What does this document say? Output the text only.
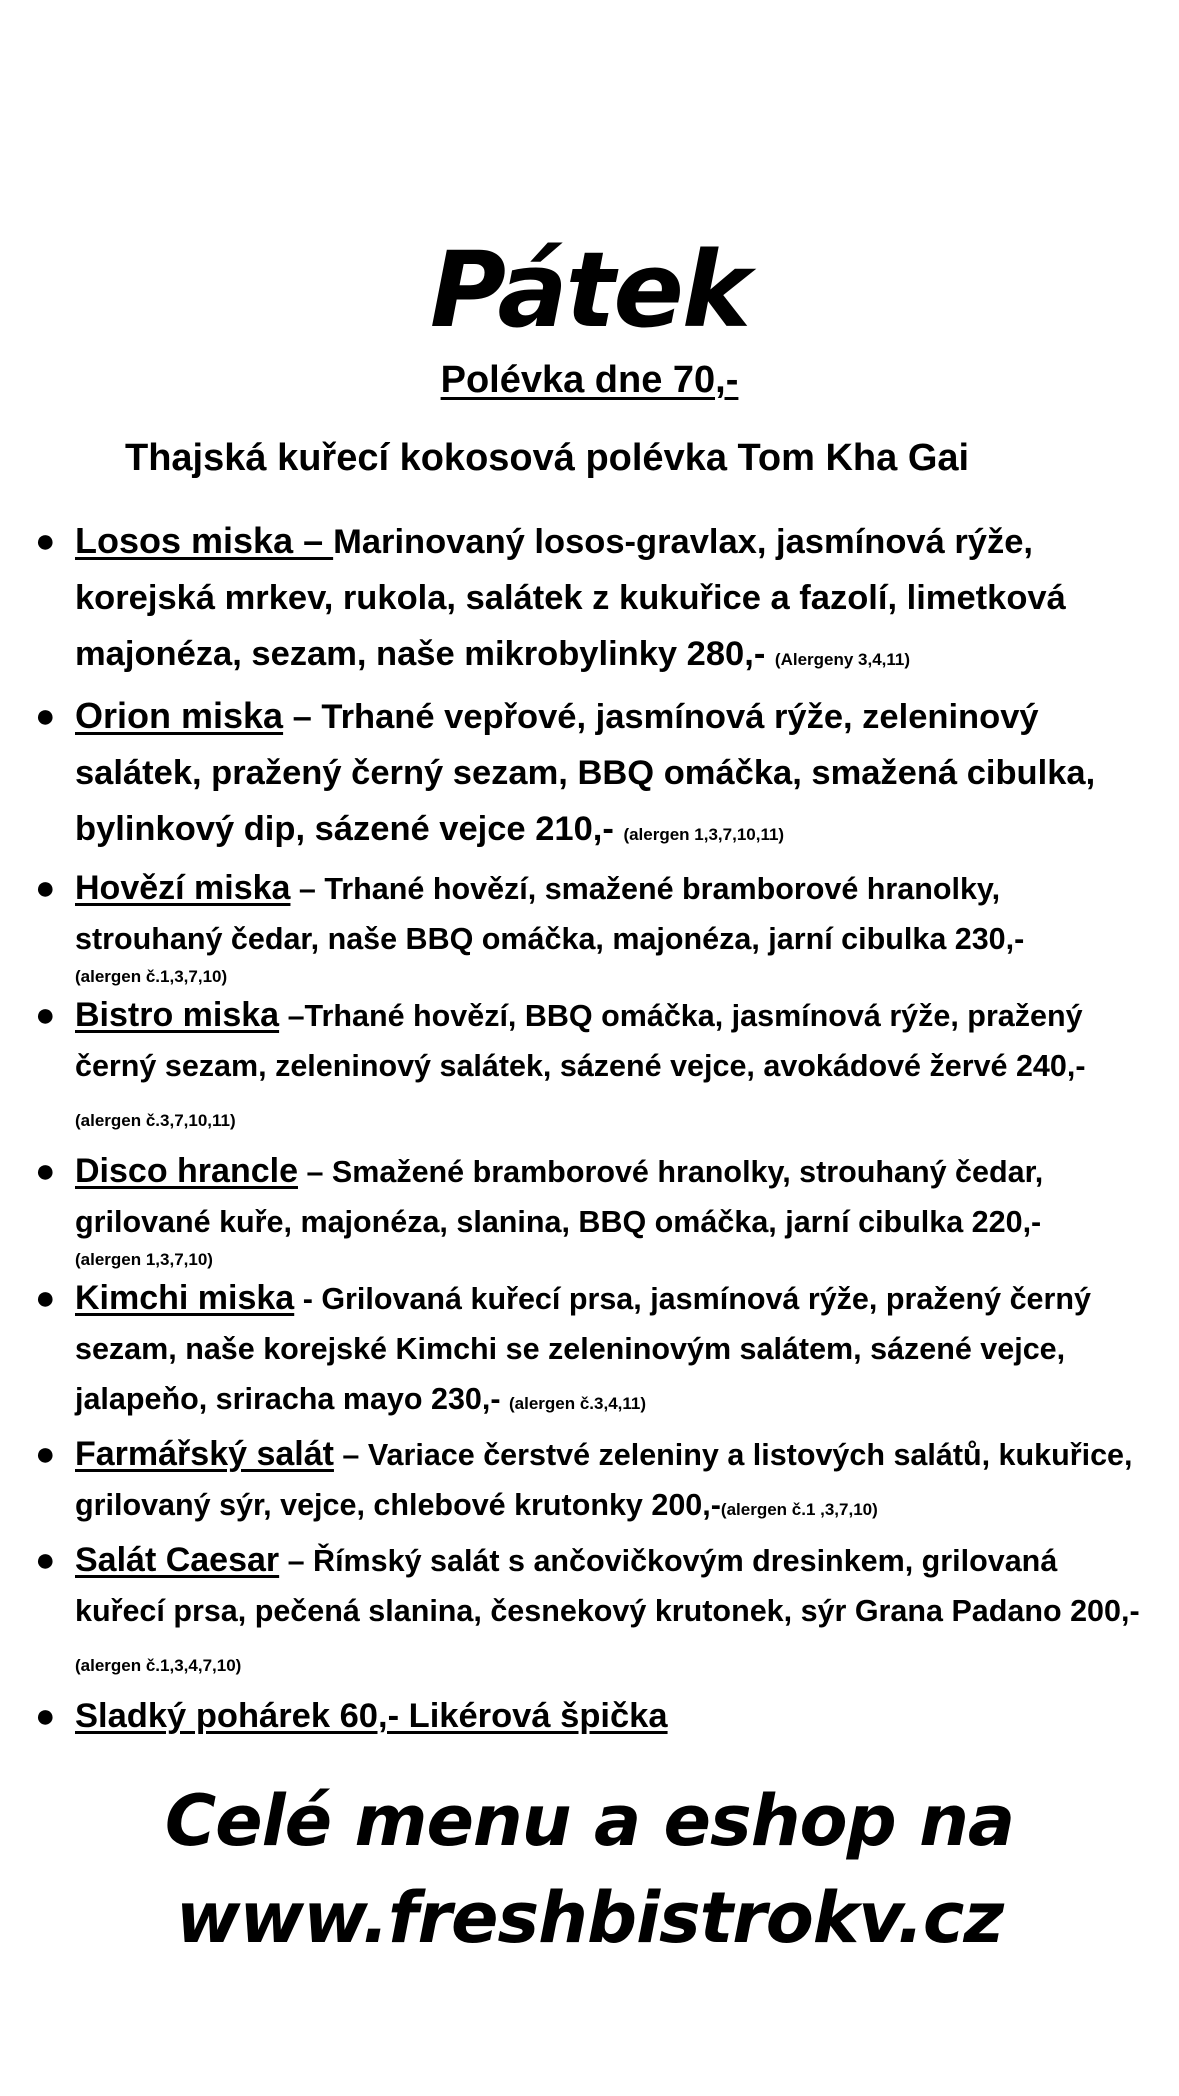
Pátek
Polévka dne 70,-
Thajská kuřecí kokosová polévka Tom Kha Gai
● Losos miska – Marinovaný losos-gravlax, jasmínová rýže, korejská mrkev, rukola, salátek z kukuřice a fazolí, limetková majonéza, sezam, naše mikrobylinky 280,- (Alergeny 3,4,11)
● Orion miska – Trhané vepřové, jasmínová rýže, zeleninový salátek, pražený černý sezam, BBQ omáčka, smažená cibulka, bylinkový dip, sázené vejce 210,- (alergen 1,3,7,10,11)
● Hovězí miska – Trhané hovězí, smažené bramborové hranolky, strouhaný čedar, naše BBQ omáčka, majonéza, jarní cibulka 230,-
(alergen č.1,3,7,10)
● Bistro miska –Trhané hovězí, BBQ omáčka, jasmínová rýže, pražený černý sezam, zeleninový salátek, sázené vejce, avokádové žervé 240,- (alergen č.3,7,10,11)
● Disco hrancle – Smažené bramborové hranolky, strouhaný čedar, grilované kuře, majonéza, slanina, BBQ omáčka, jarní cibulka 220,-
(alergen 1,3,7,10)
● Kimchi miska - Grilovaná kuřecí prsa, jasmínová rýže, pražený černý sezam, naše korejské Kimchi se zeleninovým salátem, sázené vejce, jalapeňo, sriracha mayo 230,- (alergen č.3,4,11)
● Farmářský salát – Variace čerstvé zeleniny a listových salátů, kukuřice, grilovaný sýr, vejce, chlebové krutonky 200,-(alergen č.1 ,3,7,10)
● Salát Caesar – Římský salát s ančovičkovým dresinkem, grilovaná kuřecí prsa, pečená slanina, česnekový krutonek, sýr Grana Padano 200,- (alergen č.1,3,4,7,10)
● Sladký pohárek 60,- Likérová špička
Celé menu a eshop na
www.freshbistrokv.cz
